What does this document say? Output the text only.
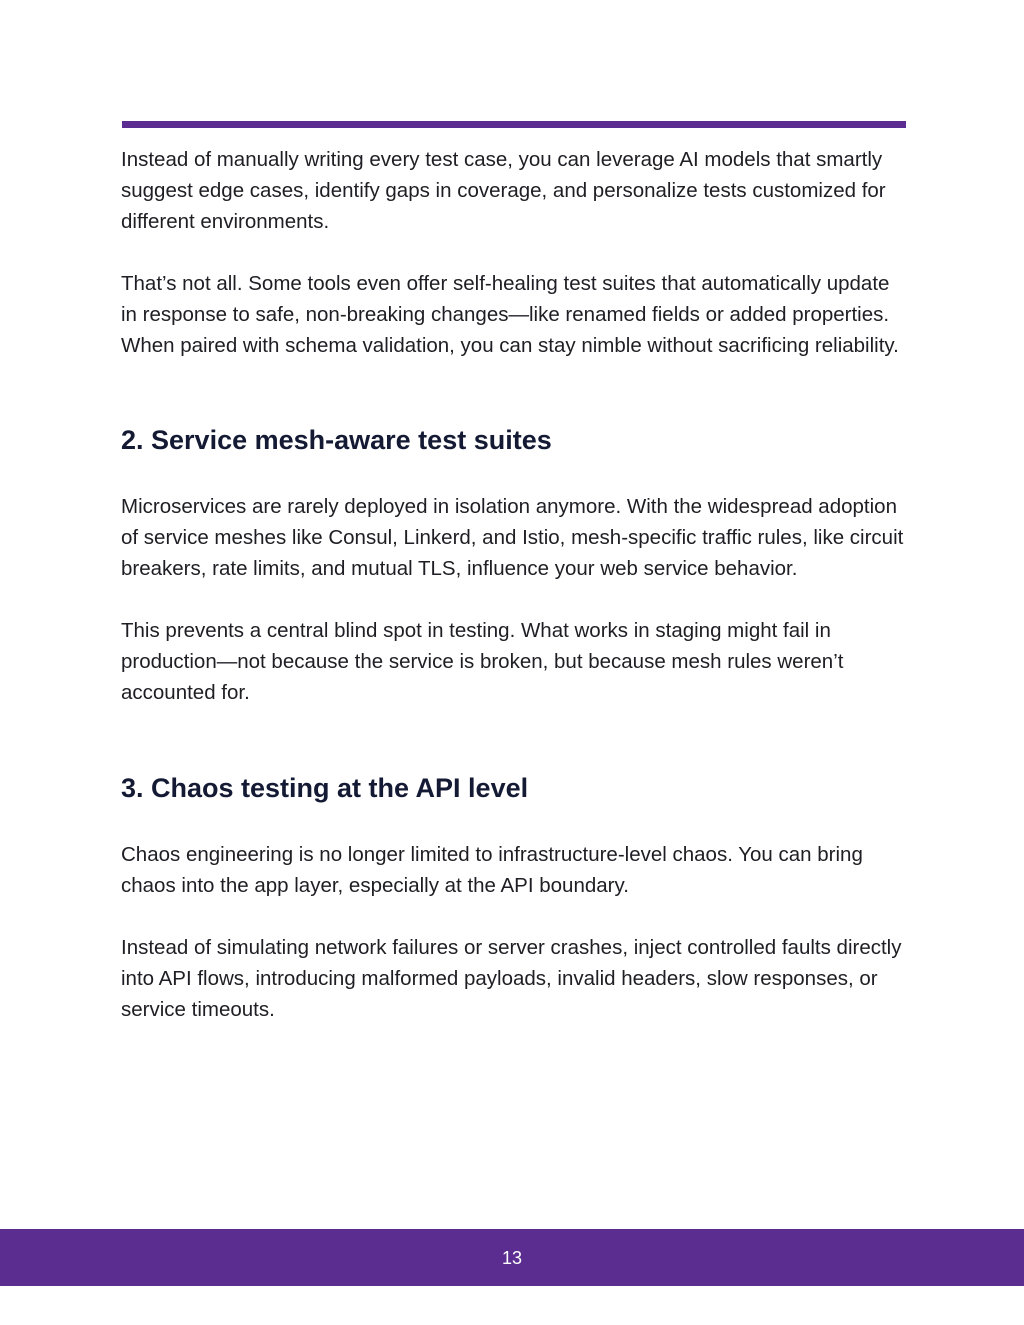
Instead of manually writing every test case, you can leverage AI models that smartly suggest edge cases, identify gaps in coverage, and personalize tests customized for different environments.

That’s not all. Some tools even offer self-healing test suites that automatically update in response to safe, non-breaking changes—like renamed fields or added properties. When paired with schema validation, you can stay nimble without sacrificing reliability.

2. Service mesh-aware test suites

Microservices are rarely deployed in isolation anymore. With the widespread adoption of service meshes like Consul, Linkerd, and Istio, mesh-specific traffic rules, like circuit breakers, rate limits, and mutual TLS, influence your web service behavior.

This prevents a central blind spot in testing. What works in staging might fail in production—not because the service is broken, but because mesh rules weren’t accounted for.

3. Chaos testing at the API level

Chaos engineering is no longer limited to infrastructure-level chaos. You can bring chaos into the app layer, especially at the API boundary.

Instead of simulating network failures or server crashes, inject controlled faults directly into API flows, introducing malformed payloads, invalid headers, slow responses, or service timeouts.

13
